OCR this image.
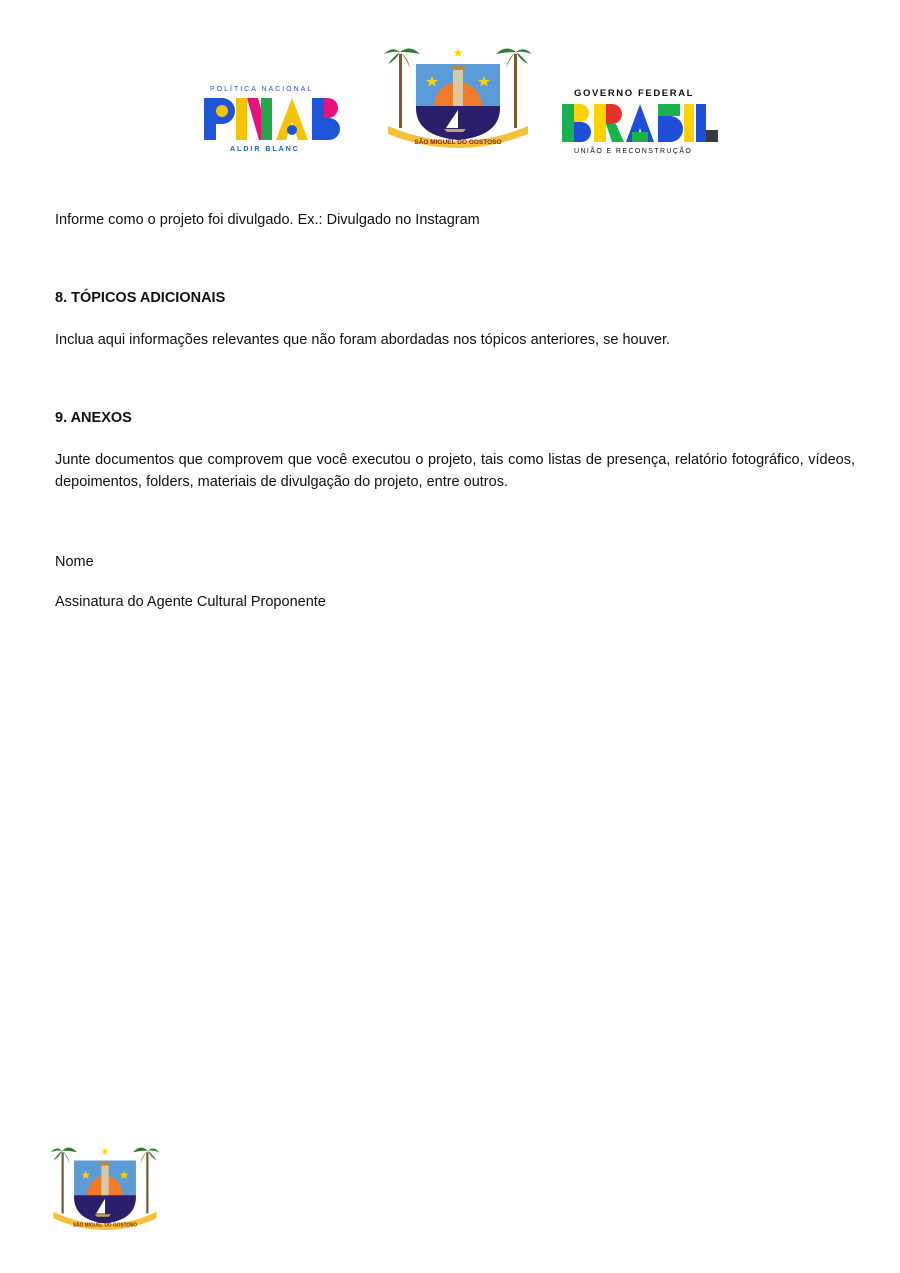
POLÍTICA NACIONAL
ALDIR BLANC
SÃO MIGUEL DO GOSTOSO
GOVERNO FEDERAL
UNIÃO E RECONSTRUÇÃO

Informe como o projeto foi divulgado. Ex.: Divulgado no Instagram

8. TÓPICOS ADICIONAIS

Inclua aqui informações relevantes que não foram abordadas nos tópicos anteriores, se houver.

9. ANEXOS

Junte documentos que comprovem que você executou o projeto, tais como listas de presença, relatório fotográfico, vídeos, depoimentos, folders, materiais de divulgação do projeto, entre outros.

Nome

Assinatura do Agente Cultural Proponente

SÃO MIGUEL DO GOSTOSO
